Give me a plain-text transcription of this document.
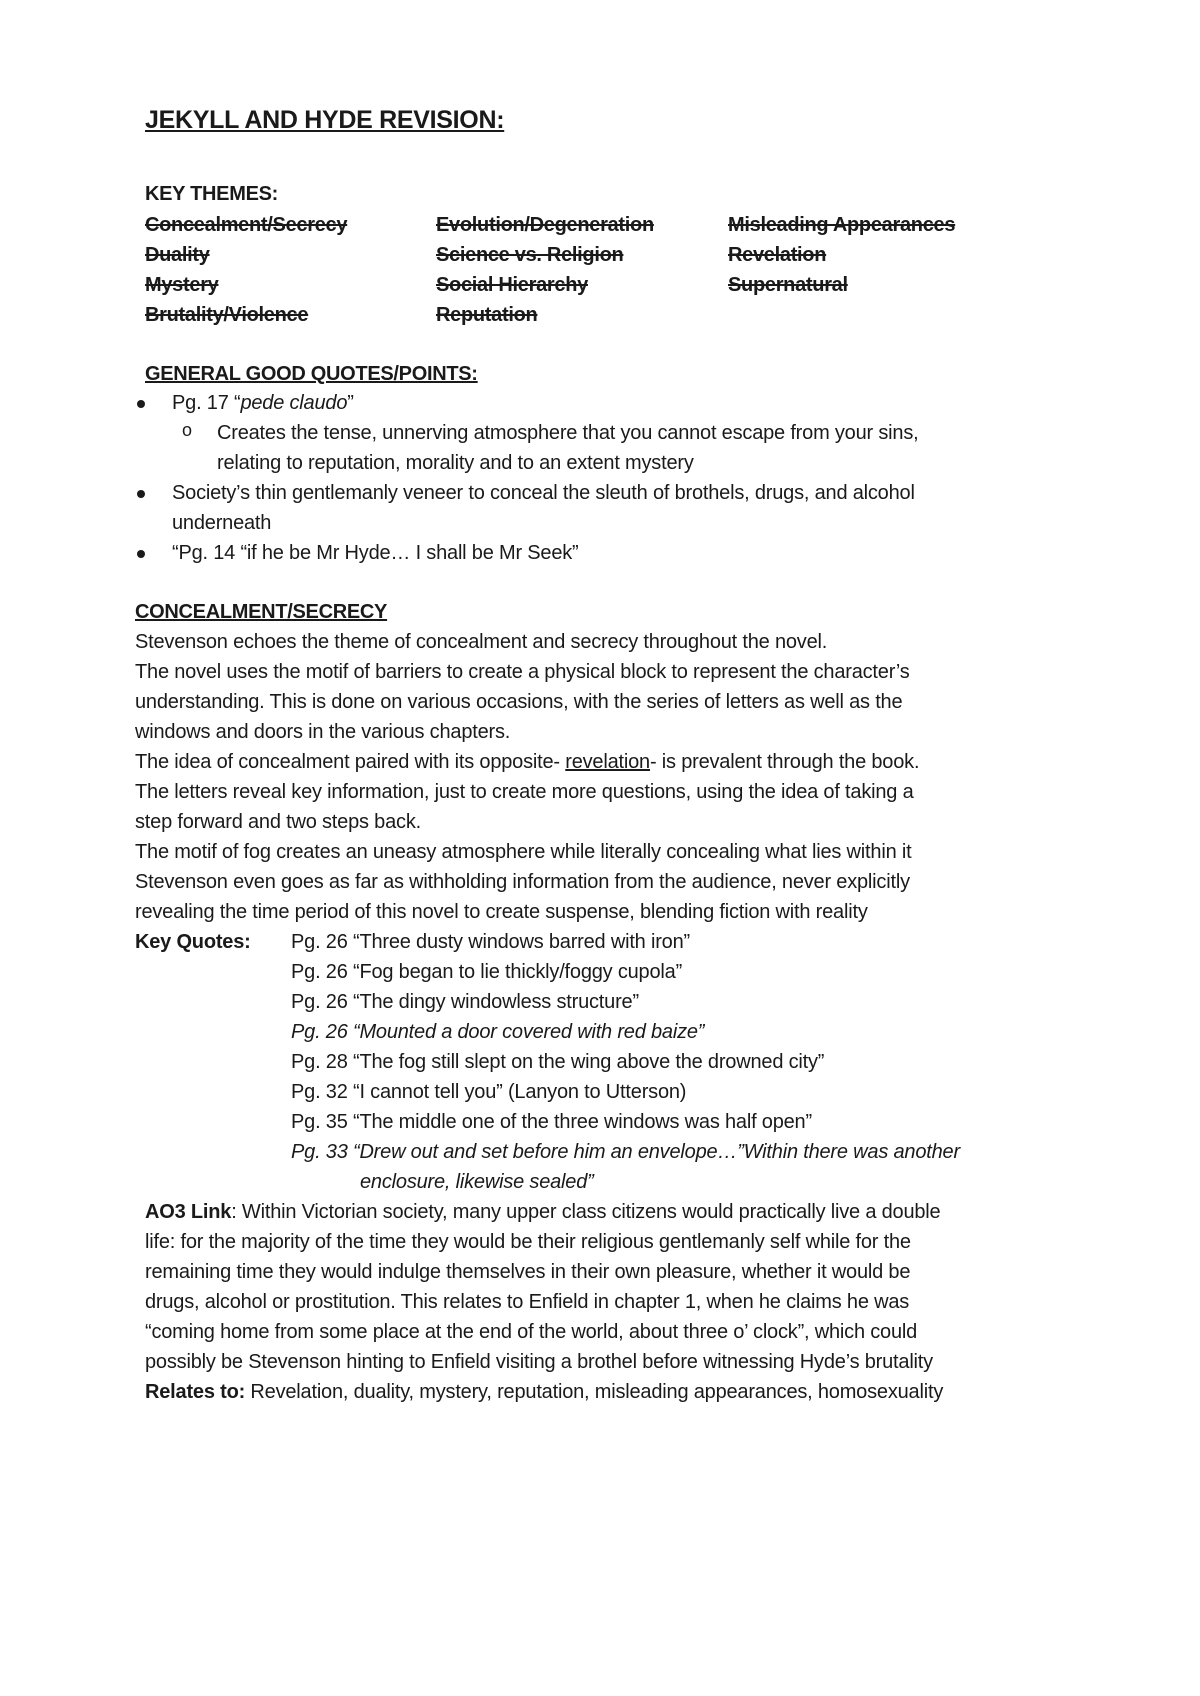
JEKYLL AND HYDE REVISION:
KEY THEMES:
Concealment/Secrecy
Duality
Mystery
Brutality/Violence
Evolution/Degeneration
Science vs. Religion
Social Hierarchy
Reputation
Misleading Appearances
Revelation
Supernatural
GENERAL GOOD QUOTES/POINTS:
Pg. 17 “pede claudo”
o Creates the tense, unnerving atmosphere that you cannot escape from your sins,
relating to reputation, morality and to an extent mystery
Society’s thin gentlemanly veneer to conceal the sleuth of brothels, drugs, and alcohol
underneath
“Pg. 14 “if he be Mr Hyde… I shall be Mr Seek”
CONCEALMENT/SECRECY
Stevenson echoes the theme of concealment and secrecy throughout the novel.
The novel uses the motif of barriers to create a physical block to represent the character’s
understanding. This is done on various occasions, with the series of letters as well as the
windows and doors in the various chapters.
The idea of concealment paired with its opposite- revelation- is prevalent through the book.
The letters reveal key information, just to create more questions, using the idea of taking a
step forward and two steps back.
The motif of fog creates an uneasy atmosphere while literally concealing what lies within it
Stevenson even goes as far as withholding information from the audience, never explicitly
revealing the time period of this novel to create suspense, blending fiction with reality
Key Quotes: Pg. 26 “Three dusty windows barred with iron”
Pg. 26 “Fog began to lie thickly/foggy cupola”
Pg. 26 “The dingy windowless structure”
Pg. 26 “Mounted a door covered with red baize”
Pg. 28 “The fog still slept on the wing above the drowned city”
Pg. 32 “I cannot tell you” (Lanyon to Utterson)
Pg. 35 “The middle one of the three windows was half open”
Pg. 33 “Drew out and set before him an envelope…”Within there was another
enclosure, likewise sealed”
AO3 Link: Within Victorian society, many upper class citizens would practically live a double
life: for the majority of the time they would be their religious gentlemanly self while for the
remaining time they would indulge themselves in their own pleasure, whether it would be
drugs, alcohol or prostitution. This relates to Enfield in chapter 1, when he claims he was
“coming home from some place at the end of the world, about three o’ clock”, which could
possibly be Stevenson hinting to Enfield visiting a brothel before witnessing Hyde’s brutality
Relates to: Revelation, duality, mystery, reputation, misleading appearances, homosexuality
